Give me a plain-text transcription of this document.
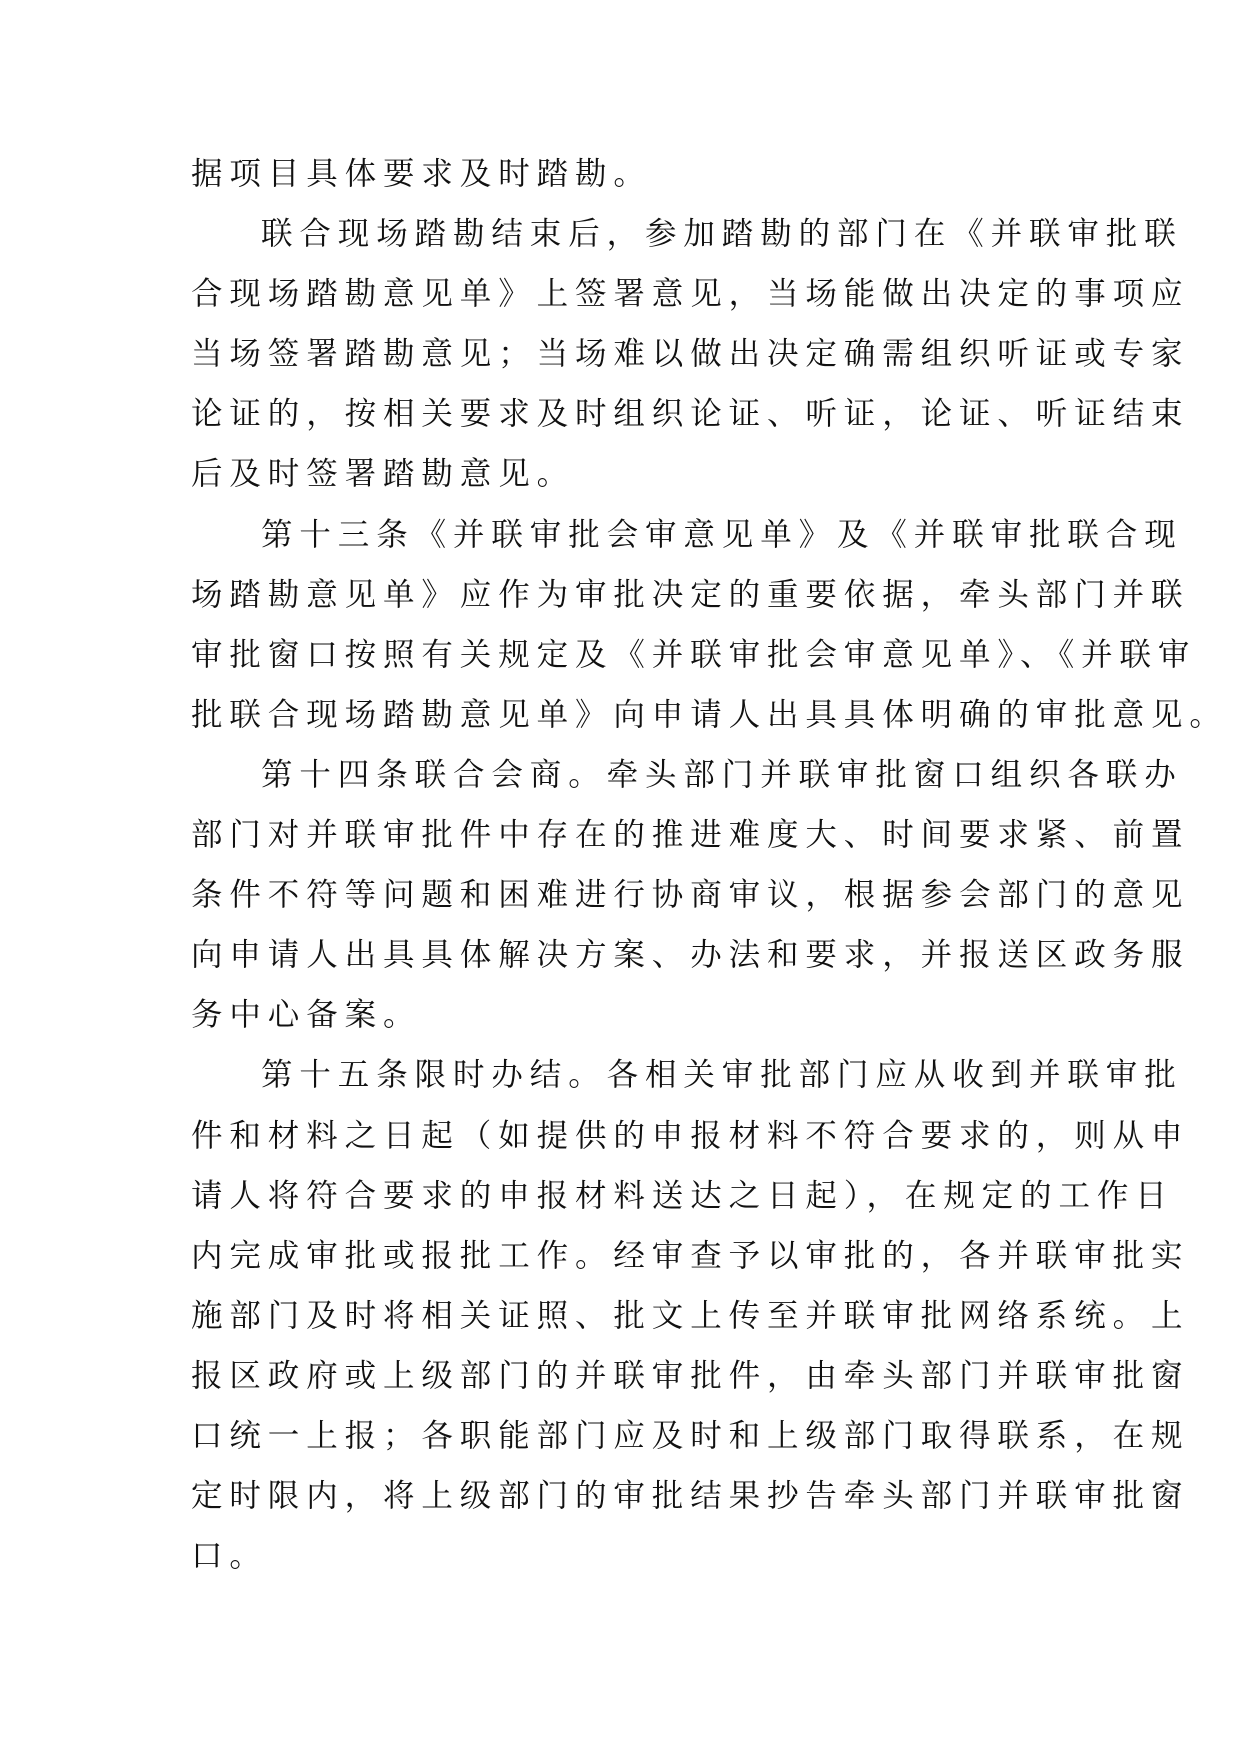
据项目具体要求及时踏勘。
联合现场踏勘结束后，参加踏勘的部门在《并联审批联
合现场踏勘意见单》上签署意见，当场能做出决定的事项应
当场签署踏勘意见；当场难以做出决定确需组织听证或专家
论证的，按相关要求及时组织论证、听证，论证、听证结束
后及时签署踏勘意见。
第十三条《并联审批会审意见单》及《并联审批联合现
场踏勘意见单》应作为审批决定的重要依据，牵头部门并联
审批窗口按照有关规定及《并联审批会审意见单》、《并联审
批联合现场踏勘意见单》向申请人出具具体明确的审批意见。
第十四条联合会商。牵头部门并联审批窗口组织各联办
部门对并联审批件中存在的推进难度大、时间要求紧、前置
条件不符等问题和困难进行协商审议，根据参会部门的意见
向申请人出具具体解决方案、办法和要求，并报送区政务服
务中心备案。
第十五条限时办结。各相关审批部门应从收到并联审批
件和材料之日起（如提供的申报材料不符合要求的，则从申
请人将符合要求的申报材料送达之日起），在规定的工作日
内完成审批或报批工作。经审查予以审批的，各并联审批实
施部门及时将相关证照、批文上传至并联审批网络系统。上
报区政府或上级部门的并联审批件，由牵头部门并联审批窗
口统一上报；各职能部门应及时和上级部门取得联系，在规
定时限内，将上级部门的审批结果抄告牵头部门并联审批窗
口。
